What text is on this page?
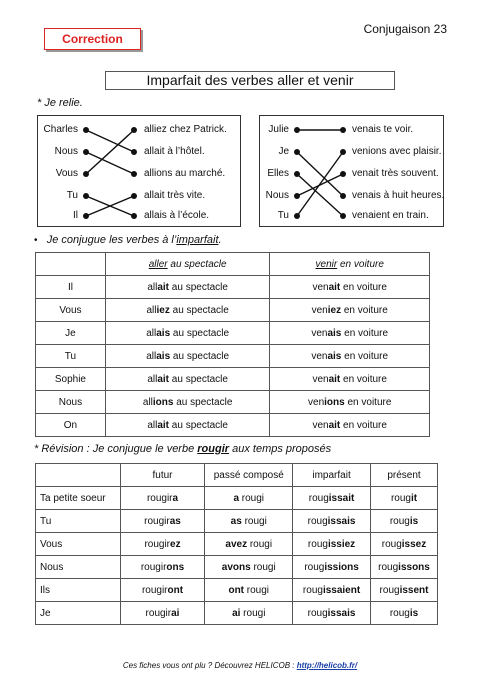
Correction
Conjugaison 23
Imparfait des verbes aller et venir
* Je relie.
Charles
Nous
Vous
Tu
Il
alliez chez Patrick.
allait à l’hôtel.
allions au marché.
allait très vite.
allais à l’école.
Julie
Je
Elles
Nous
Tu
venais te voir.
venions avec plaisir.
venait très souvent.
venais à huit heures.
venaient en train.
• Je conjugue les verbes à l’imparfait.
	aller au spectacle	venir en voiture
Il	allait au spectacle	venait en voiture
Vous	alliez au spectacle	veniez en voiture
Je	allais au spectacle	venais en voiture
Tu	allais au spectacle	venais en voiture
Sophie	allait au spectacle	venait en voiture
Nous	allions au spectacle	venions en voiture
On	allait au spectacle	venait en voiture
* Révision : Je conjugue le verbe rougir aux temps proposés
	futur	passé composé	imparfait	présent
Ta petite soeur	rougira	a rougi	rougissait	rougit
Tu	rougiras	as rougi	rougissais	rougis
Vous	rougirez	avez rougi	rougissiez	rougissez
Nous	rougirons	avons rougi	rougissions	rougissons
Ils	rougiront	ont rougi	rougissaient	rougissent
Je	rougirai	ai rougi	rougissais	rougis
Ces fiches vous ont plu ? Découvrez HELICOB : http://helicob.fr/
